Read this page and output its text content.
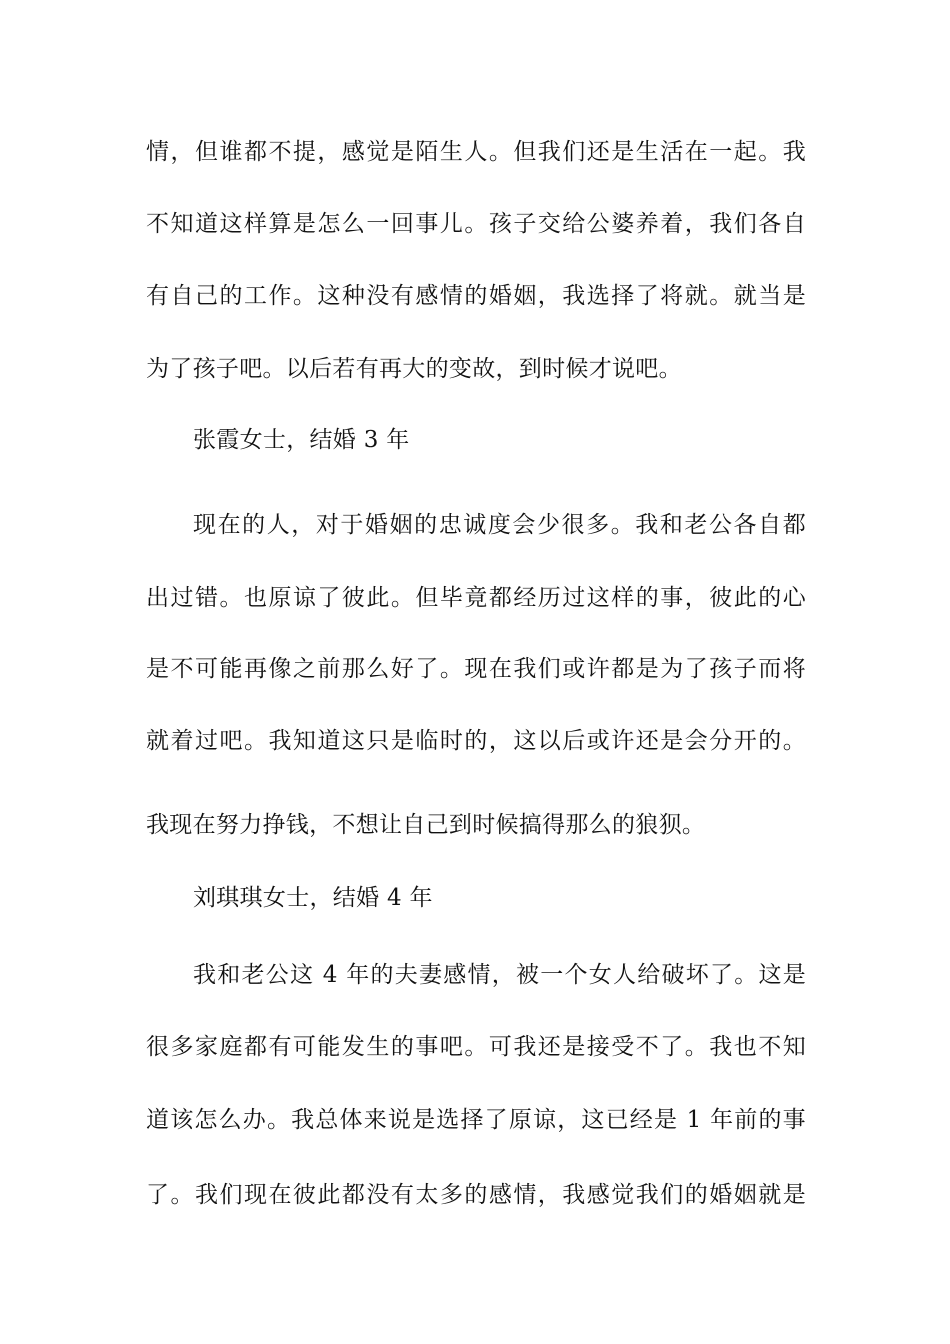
情，但谁都不提，感觉是陌生人。但我们还是生活在一起。我
不知道这样算是怎么一回事儿。孩子交给公婆养着，我们各自
有自己的工作。这种没有感情的婚姻，我选择了将就。就当是
为了孩子吧。以后若有再大的变故，到时候才说吧。
张霞女士，结婚 3 年
现在的人，对于婚姻的忠诚度会少很多。我和老公各自都
出过错。也原谅了彼此。但毕竟都经历过这样的事，彼此的心
是不可能再像之前那么好了。现在我们或许都是为了孩子而将
就着过吧。我知道这只是临时的，这以后或许还是会分开的。
我现在努力挣钱，不想让自己到时候搞得那么的狼狈。
刘琪琪女士，结婚 4 年
我和老公这 4 年的夫妻感情，被一个女人给破坏了。这是
很多家庭都有可能发生的事吧。可我还是接受不了。我也不知
道该怎么办。我总体来说是选择了原谅，这已经是 1 年前的事
了。我们现在彼此都没有太多的感情，我感觉我们的婚姻就是
